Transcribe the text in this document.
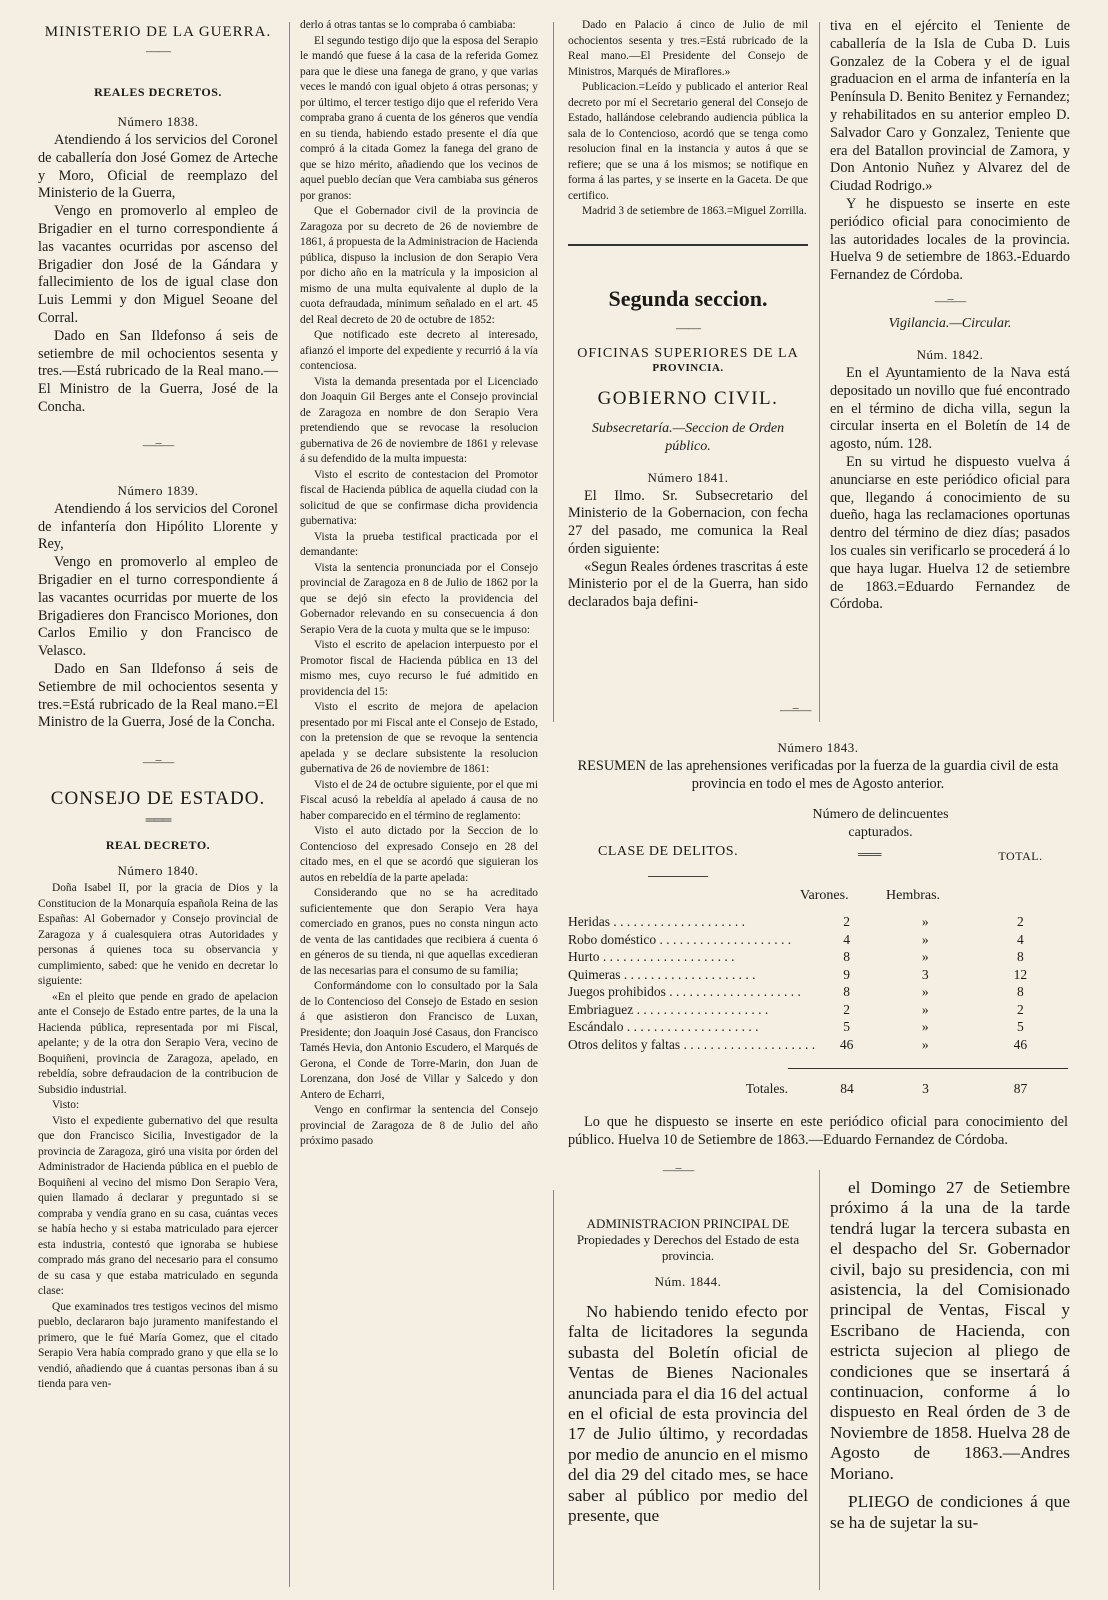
MINISTERIO DE LA GUERRA.
——
REALES DECRETOS.
Número 1838.

Atendiendo á los servicios del Coronel de caballería don José Gomez de Arteche y Moro, Oficial de reemplazo del Ministerio de la Guerra,

Vengo en promoverlo al empleo de Brigadier en el turno correspondiente á las vacantes ocurridas por ascenso del Brigadier don José de la Gándara y fallecimiento de los de igual clase don Luis Lemmi y don Miguel Seoane del Corral.

Dado en San Ildefonso á seis de setiembre de mil ochocientos sesenta y tres.—Está rubricado de la Real mano.—El Ministro de la Guerra, José de la Concha.

—=—
Número 1839.

Atendiendo á los servicios del Coronel de infantería don Hipólito Llorente y Rey,

Vengo en promoverlo al empleo de Brigadier en el turno correspondiente á las vacantes ocurridas por muerte de los Brigadieres don Francisco Moriones, don Carlos Emilio y don Francisco de Velasco.

Dado en San Ildefonso á seis de Setiembre de mil ochocientos sesenta y tres.=Está rubricado de la Real mano.=El Ministro de la Guerra, José de la Concha.

—=—
CONSEJO DE ESTADO.
═══
REAL DECRETO.
Número 1840.

Doña Isabel II, por la gracia de Dios y la Constitucion de la Monarquía española Reina de las Españas: Al Gobernador y Consejo provincial de Zaragoza y á cualesquiera otras Autoridades y personas á quienes toca su observancia y cumplimiento, sabed: que he venido en decretar lo siguiente:

«En el pleito que pende en grado de apelacion ante el Consejo de Estado entre partes, de la una la Hacienda pública, representada por mi Fiscal, apelante; y de la otra don Serapio Vera, vecino de Boquiñeni, provincia de Zaragoza, apelado, en rebeldía, sobre defraudacion de la contribucion de Subsidio industrial.

Visto:

Visto el expediente gubernativo del que resulta que don Francisco Sicilia, Investigador de la provincia de Zaragoza, giró una visita por órden del Administrador de Hacienda pública en el pueblo de Boquiñeni al vecino del mismo Don Serapio Vera, quien llamado á declarar y preguntado si se compraba y vendía grano en su casa, cuántas veces se había hecho y si estaba matriculado para ejercer esta industria, contestó que ignoraba se hubiese comprado más grano del necesario para el consumo de su casa y que estaba matriculado en segunda clase:

Que examinados tres testigos vecinos del mismo pueblo, declararon bajo juramento manifestando el primero, que le fué María Gomez, que el citado Serapio Vera había comprado grano y que ella se lo vendió, añadiendo que á cuantas personas iban á su tienda para ven-

derlo á otras tantas se lo compraba ó cambiaba:

El segundo testigo dijo que la esposa del Serapio le mandó que fuese á la casa de la referida Gomez para que le diese una fanega de grano, y que varias veces le mandó con igual objeto á otras personas; y por último, el tercer testigo dijo que el referido Vera compraba grano á cuenta de los géneros que vendía en su tienda, habiendo estado presente el día que compró á la citada Gomez la fanega del grano de que se hizo mérito, añadiendo que los vecinos de aquel pueblo decían que Vera cambiaba sus géneros por granos:

Que el Gobernador civil de la provincia de Zaragoza por su decreto de 26 de noviembre de 1861, á propuesta de la Administracion de Hacienda pública, dispuso la inclusion de don Serapio Vera por dicho año en la matrícula y la imposicion al mismo de una multa equivalente al duplo de la cuota defraudada, mínimum señalado en el art. 45 del Real decreto de 20 de octubre de 1852:

Que notificado este decreto al interesado, afianzó el importe del expediente y recurrió á la vía contenciosa.

Vista la demanda presentada por el Licenciado don Joaquin Gil Berges ante el Consejo provincial de Zaragoza en nombre de don Serapio Vera pretendiendo que se revocase la resolucion gubernativa de 26 de noviembre de 1861 y relevase á su defendido de la multa impuesta:

Visto el escrito de contestacion del Promotor fiscal de Hacienda pública de aquella ciudad con la solicitud de que se confirmase dicha providencia gubernativa:

Vista la prueba testifical practicada por el demandante:

Vista la sentencia pronunciada por el Consejo provincial de Zaragoza en 8 de Julio de 1862 por la que se dejó sin efecto la providencia del Gobernador relevando en su consecuencia á don Serapio Vera de la cuota y multa que se le impuso:

Visto el escrito de apelacion interpuesto por el Promotor fiscal de Hacienda pública en 13 del mismo mes, cuyo recurso le fué admitido en providencia del 15:

Visto el escrito de mejora de apelacion presentado por mi Fiscal ante el Consejo de Estado, con la pretension de que se revoque la sentencia apelada y se declare subsistente la resolucion gubernativa de 26 de noviembre de 1861:

Visto el de 24 de octubre siguiente, por el que mi Fiscal acusó la rebeldía al apelado á causa de no haber comparecido en el término de reglamento:

Visto el auto dictado por la Seccion de lo Contencioso del expresado Consejo en 28 del citado mes, en el que se acordó que siguieran los autos en rebeldía de la parte apelada:

Considerando que no se ha acreditado suficientemente que don Serapio Vera haya comerciado en granos, pues no consta ningun acto de venta de las cantidades que recibiera á cuenta ó en géneros de su tienda, ni que aquellas excedieran de las necesarias para el consumo de su familia;

Conformándome con lo consultado por la Sala de lo Contencioso del Consejo de Estado en sesion á que asistieron don Francisco de Luxan, Presidente; don Joaquin José Casaus, don Francisco Tamés Hevia, don Antonio Escudero, el Marqués de Gerona, el Conde de Torre-Marin, don Juan de Lorenzana, don José de Villar y Salcedo y don Antero de Echarri,

Vengo en confirmar la sentencia del Consejo provincial de Zaragoza de 8 de Julio del año próximo pasado

Dado en Palacio á cinco de Julio de mil ochocientos sesenta y tres.=Está rubricado de la Real mano.—El Presidente del Consejo de Ministros, Marqués de Miraflores.»

Publicacion.=Leído y publicado el anterior Real decreto por mí el Secretario general del Consejo de Estado, hallándose celebrando audiencia pública la sala de lo Contencioso, acordó que se tenga como resolucion final en la instancia y autos á que se refiere; que se una á los mismos; se notifique en forma á las partes, y se inserte en la Gaceta. De que certifico.

Madrid 3 de setiembre de 1863.=Miguel Zorrilla.

Segunda seccion.
——
OFICINAS SUPERIORES DE LA
PROVINCIA.
GOBIERNO CIVIL.
Subsecretaría.—Seccion de Orden público.
Número 1841.

El Ilmo. Sr. Subsecretario del Ministerio de la Gobernacion, con fecha 27 del pasado, me comunica la Real órden siguiente:

«Segun Reales órdenes trascritas á este Ministerio por el de la Guerra, han sido declarados baja defini-

tiva en el ejército el Teniente de caballería de la Isla de Cuba D. Luis Gonzalez de la Cobera y el de igual graduacion en el arma de infantería en la Península D. Benito Benitez y Fernandez; y rehabilitados en su anterior empleo D. Salvador Caro y Gonzalez, Teniente que era del Batallon provincial de Zamora, y Don Antonio Nuñez y Alvarez del de Ciudad Rodrigo.»

Y he dispuesto se inserte en este periódico oficial para conocimiento de las autoridades locales de la provincia. Huelva 9 de setiembre de 1863.-Eduardo Fernandez de Córdoba.

—=—
Vigilancia.—Circular.
Núm. 1842.

En el Ayuntamiento de la Nava está depositado un novillo que fué encontrado en el término de dicha villa, segun la circular inserta en el Boletín de 14 de agosto, núm. 128.

En su virtud he dispuesto vuelva á anunciarse en este periódico oficial para que, llegando á conocimiento de su dueño, haga las reclamaciones oportunas dentro del término de diez días; pasados los cuales sin verificarlo se procederá á lo que haya lugar. Huelva 12 de setiembre de 1863.=Eduardo Fernandez de Córdoba.

—=—
Número 1843.

RESUMEN de las aprehensiones verificadas por la fuerza de la guardia civil de esta provincia en todo el mes de Agosto anterior.

CLASE DE DELITOS.
Número de delincuentes capturados.
═══	TOTAL.
Varones.	Hembras.
Heridas . . . . . . . . . . . . . . . . . . . .	2	»	2
Robo doméstico . . . . . . . . . . . . . . . . . . . .	4	»	4
Hurto . . . . . . . . . . . . . . . . . . . .	8	»	8
Quimeras . . . . . . . . . . . . . . . . . . . .	9	3	12
Juegos prohibidos . . . . . . . . . . . . . . . . . . . .	8	»	8
Embriaguez . . . . . . . . . . . . . . . . . . . .	2	»	2
Escándalo . . . . . . . . . . . . . . . . . . . .	5	»	5
Otros delitos y faltas . . . . . . . . . . . . . . . . . . . .	46	»	46
Totales.	84	3	87

Lo que he dispuesto se inserte en este periódico oficial para conocimiento del público. Huelva 10 de Setiembre de 1863.—Eduardo Fernandez de Córdoba.

—=—
ADMINISTRACION PRINCIPAL DE Propiedades y Derechos del Estado de esta provincia.
Núm. 1844.

No habiendo tenido efecto por falta de licitadores la segunda subasta del Boletín oficial de Ventas de Bienes Nacionales anunciada para el dia 16 del actual en el oficial de esta provincia del 17 de Julio último, y recordadas por medio de anuncio en el mismo del dia 29 del citado mes, se hace saber al público por medio del presente, que

el Domingo 27 de Setiembre próximo á la una de la tarde tendrá lugar la tercera subasta en el despacho del Sr. Gobernador civil, bajo su presidencia, con mi asistencia, la del Comisionado principal de Ventas, Fiscal y Escribano de Hacienda, con estricta sujecion al pliego de condiciones que se insertará á continuacion, conforme á lo dispuesto en Real órden de 3 de Noviembre de 1858. Huelva 28 de Agosto de 1863.—Andres Moriano.

PLIEGO de condiciones á que se ha de sujetar la su-
